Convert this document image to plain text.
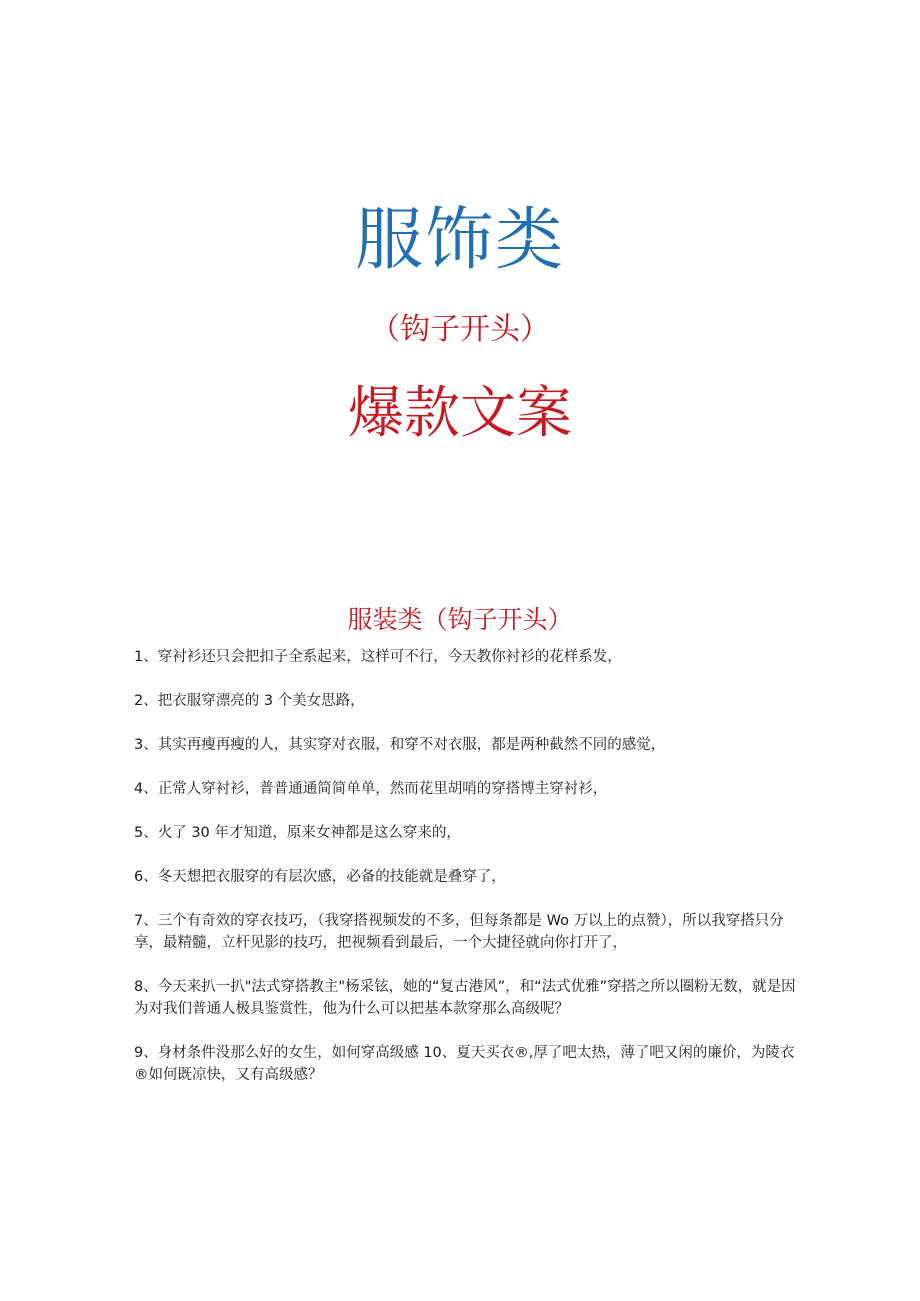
服饰类
（钩子开头）
爆款文案
服装类（钩子开头）
1、穿衬衫还只会把扣子全系起来，这样可不行，今天教你衬衫的花样系发，
2、把衣服穿漂亮的 3 个美女思路，
3、其实再瘦再瘦的人，其实穿对衣服，和穿不对衣服，都是两种截然不同的感觉，
4、正常人穿衬衫，普普通通简简单单，然而花里胡哨的穿搭博主穿衬衫，
5、火了 30 年才知道，原来女神都是这么穿来的，
6、冬天想把衣服穿的有层次感，必备的技能就是叠穿了，
7、三个有奇效的穿衣技巧，（我穿搭视频发的不多，但每条都是 Wo 万以上的点赞），所以我穿搭只分享，最精髓，立杆见影的技巧，把视频看到最后，一个大捷径就向你打开了，
8、今天来扒一扒"法式穿搭教主"杨采铉，她的“复古港风”，和“法式优雅”穿搭之所以圈粉无数，就是因为对我们普通人极具鉴赏性，他为什么可以把基本款穿那么高级呢？
9、身材条件没那么好的女生，如何穿高级感 10、夏天买衣®,厚了吧太热，薄了吧又闲的廉价，为陵衣®如何既凉快，又有高级感？
